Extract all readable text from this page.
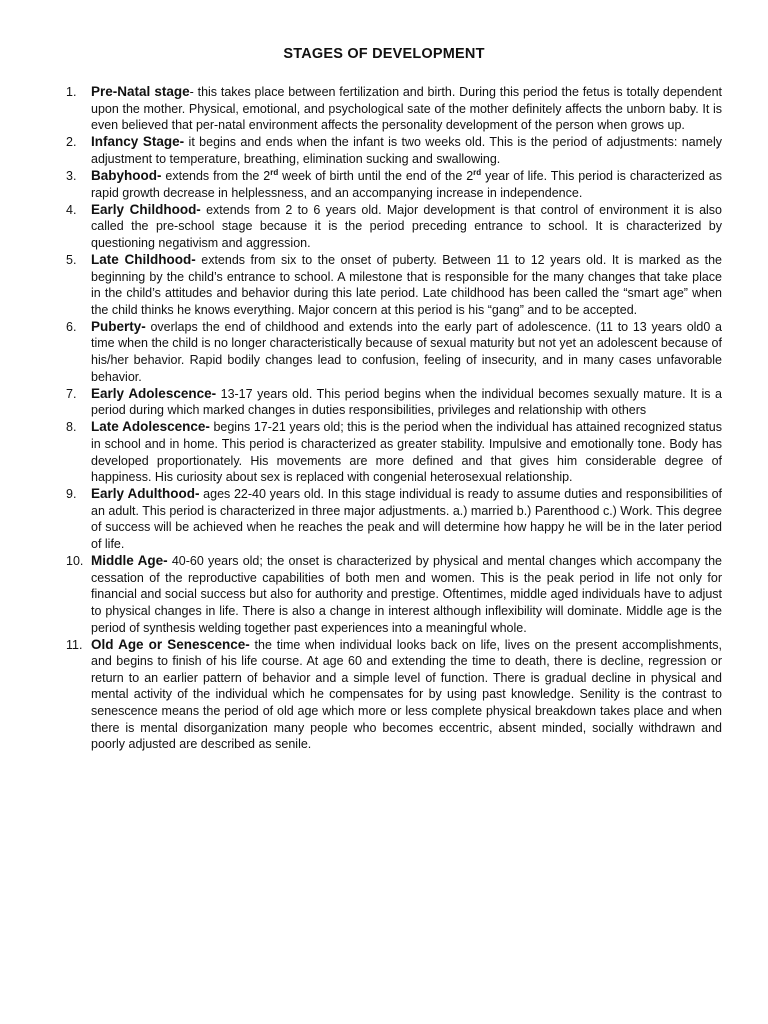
STAGES OF DEVELOPMENT
1.	Pre-Natal stage- this takes place between fertilization and birth. During this period the fetus is totally dependent upon the mother. Physical, emotional, and psychological sate of the mother definitely affects the unborn baby. It is even believed that per-natal environment affects the personality development of the person when grows up.
2.	Infancy Stage- it begins and ends when the infant is two weeks old. This is the period of adjustments: namely adjustment to temperature, breathing, elimination sucking and swallowing.
3.	Babyhood- extends from the 2rd week of birth until the end of the 2rd year of life. This period is characterized as rapid growth decrease in helplessness, and an accompanying increase in independence.
4.	Early Childhood- extends from 2 to 6 years old. Major development is that control of environment it is also called the pre-school stage because it is the period preceding entrance to school. It is characterized by questioning negativism and aggression.
5.	Late Childhood- extends from six to the onset of puberty. Between 11 to 12 years old. It is marked as the beginning by the child’s entrance to school. A milestone that is responsible for the many changes that take place in the child’s attitudes and behavior during this late period. Late childhood has been called the “smart age” when the child thinks he knows everything. Major concern at this period is his “gang” and to be accepted.
6.	Puberty- overlaps the end of childhood and extends into the early part of adolescence. (11 to 13 years old0 a time when the child is no longer characteristically because of sexual maturity but not yet an adolescent because of his/her behavior. Rapid bodily changes lead to confusion, feeling of insecurity, and in many cases unfavorable behavior.
7.	Early Adolescence- 13-17 years old. This period begins when the individual becomes sexually mature. It is a period during which marked changes in duties responsibilities, privileges and relationship with others
8.	Late Adolescence- begins 17-21 years old; this is the period when the individual has attained recognized status in school and in home. This period is characterized as greater stability. Impulsive and emotionally tone. Body has developed proportionately. His movements are more defined and that gives him considerable degree of happiness. His curiosity about sex is replaced with congenial heterosexual relationship.
9.	Early Adulthood- ages 22-40 years old. In this stage individual is ready to assume duties and responsibilities of an adult. This period is characterized in three major adjustments. a.) married b.) Parenthood c.) Work. This degree of success will be achieved when he reaches the peak and will determine how happy he will be in the later period of life.
10. Middle Age- 40-60 years old; the onset is characterized by physical and mental changes which accompany the cessation of the reproductive capabilities of both men and women. This is the peak period in life not only for financial and social success but also for authority and prestige. Oftentimes, middle aged individuals have to adjust to physical changes in life. There is also a change in interest although inflexibility will dominate. Middle age is the period of synthesis welding together past experiences into a meaningful whole.
11. Old Age or Senescence- the time when individual looks back on life, lives on the present accomplishments, and begins to finish of his life course. At age 60 and extending the time to death, there is decline, regression or return to an earlier pattern of behavior and a simple level of function. There is gradual decline in physical and mental activity of the individual which he compensates for by using past knowledge. Senility is the contrast to senescence means the period of old age which more or less complete physical breakdown takes place and when there is mental disorganization many people who becomes eccentric, absent minded, socially withdrawn and poorly adjusted are described as senile.
